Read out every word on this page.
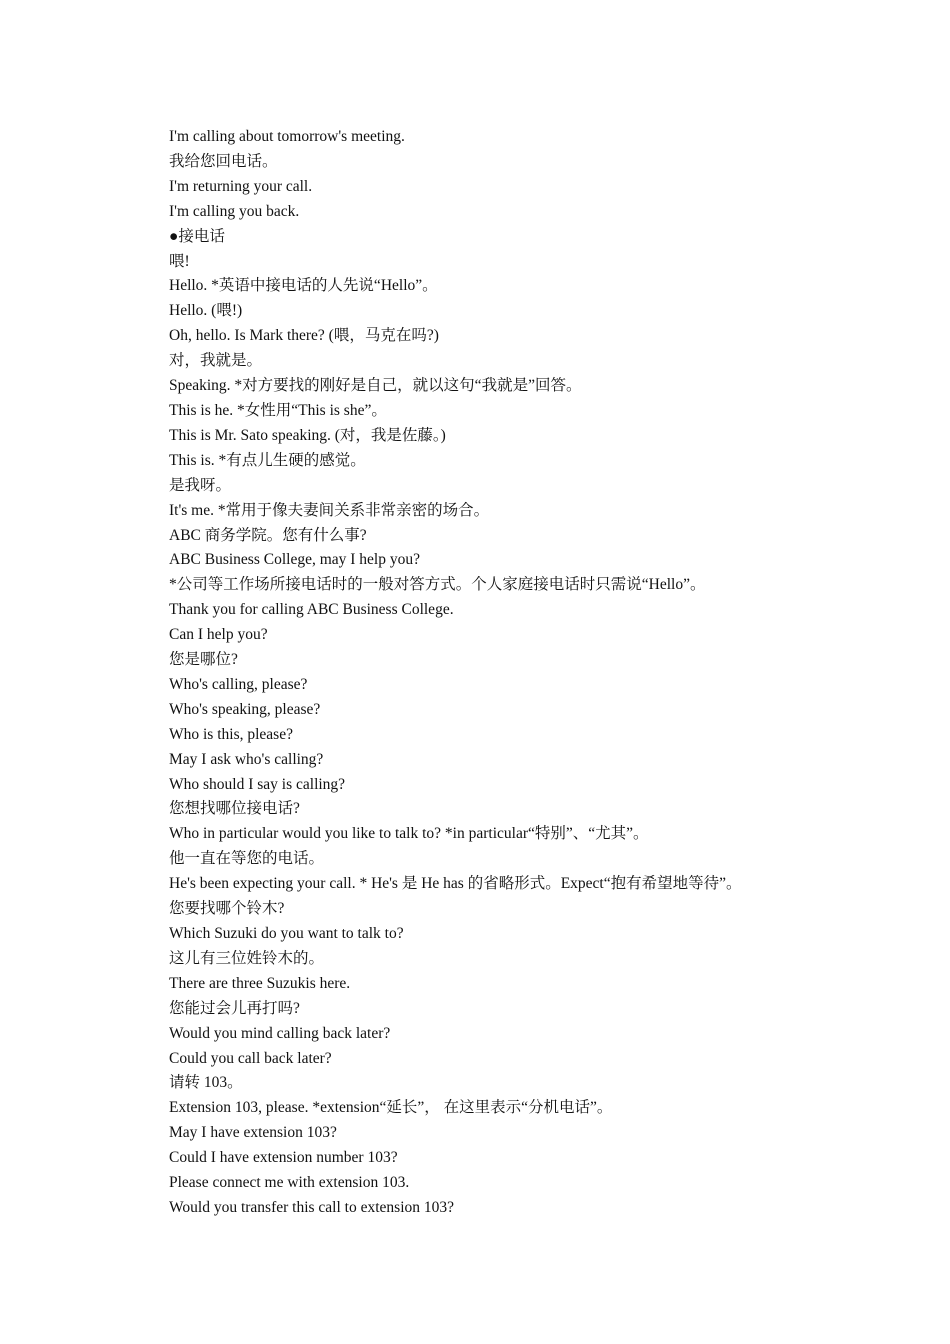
I'm calling about tomorrow's meeting.
我给您回电话。
I'm returning your call.
I'm calling you back.
●接电话
喂!
Hello. *英语中接电话的人先说“Hello”。
Hello. (喂!)
Oh, hello. Is Mark there? (喂，马克在吗?)
对，我就是。
Speaking. *对方要找的刚好是自己，就以这句“我就是”回答。
This is he. *女性用“This is she”。
This is Mr. Sato speaking. (对，我是佐藤。)
This is. *有点儿生硬的感觉。
是我呀。
It's me. *常用于像夫妻间关系非常亲密的场合。
ABC 商务学院。您有什么事?
ABC Business College, may I help you?
*公司等工作场所接电话时的一般对答方式。个人家庭接电话时只需说“Hello”。
Thank you for calling ABC Business College.
Can I help you?
您是哪位?
Who's calling, please?
Who's speaking, please?
Who is this, please?
May I ask who's calling?
Who should I say is calling?
您想找哪位接电话?
Who in particular would you like to talk to? *in particular“特别”、“尤其”。
他一直在等您的电话。
He's been expecting your call. * He's 是 He has 的省略形式。Expect“抱有希望地等待”。
您要找哪个铃木?
Which Suzuki do you want to talk to?
这儿有三位姓铃木的。
There are three Suzukis here.
您能过会儿再打吗?
Would you mind calling back later?
Could you call back later?
请转 103。
Extension 103, please. *extension“延长”， 在这里表示“分机电话”。
May I have extension 103?
Could I have extension number 103?
Please connect me with extension 103.
Would you transfer this call to extension 103?
